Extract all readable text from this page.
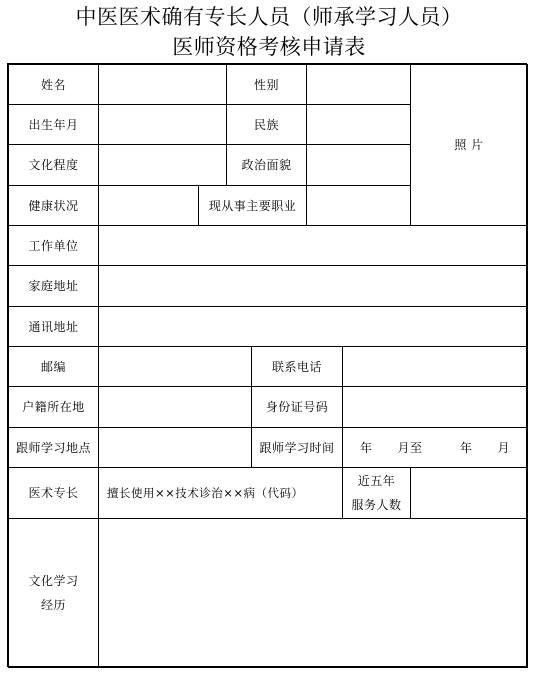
中医医术确有专长人员（师承学习人员）
医师资格考核申请表
姓名	性别
照 片
出生年月	民族
文化程度	政治面貌
健康状况	现从事主要职业
工作单位
家庭地址
通讯地址
邮编	联系电话
户籍所在地	身份证号码
跟师学习地点	跟师学习时间	年　　月至　　　年　　月
医术专长	擅长使用××技术诊治××病（代码）
近五年
服务人数
文化学习
经历
